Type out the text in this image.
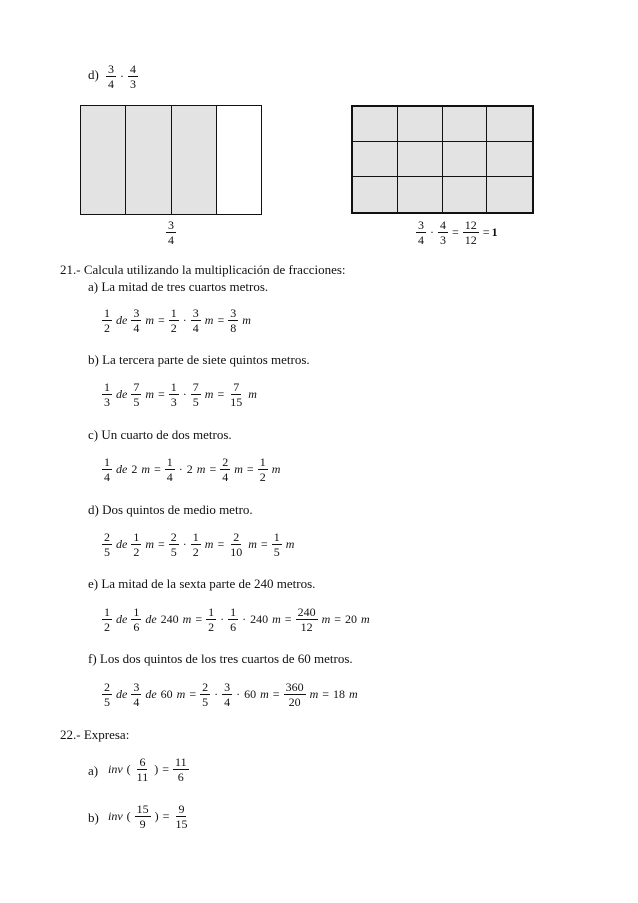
$d) \frac{3}{4} \cdot \frac{4}{3}$
$\frac{3}{4}$	$\frac{3}{4} \cdot \frac{4}{3} = \frac{12}{12} = 1$
21.- Calcula utilizando la multiplicación de fracciones:
a) La mitad de tres cuartos metros.
$\frac{1}{2}$ de $\frac{3}{4}$ $m = \frac{1}{2} \cdot \frac{3}{4}$ $m = \frac{3}{8}$ m
b) La tercera parte de siete quintos metros.
$\frac{1}{3}$ de $\frac{7}{5}$ $m = \frac{1}{3} \cdot \frac{7}{5}$ $m = \frac{7}{15}$ m
c) Un cuarto de dos metros.
$\frac{1}{4}$ de 2 $m = \frac{1}{4} \cdot 2$ $m = \frac{2}{4}$ $m = \frac{1}{2}$ m
d) Dos quintos de medio metro.
$\frac{2}{5}$ de $\frac{1}{2}$ $m = \frac{2}{5} \cdot \frac{1}{2}$ $m = \frac{2}{10}$ $m = \frac{1}{5}$ m
e) La mitad de la sexta parte de 240 metros.
$\frac{1}{2}$ de $\frac{1}{6}$ de 240 $m = \frac{1}{2} \cdot \frac{1}{6} \cdot 240$ $m = \frac{240}{12}$ m = 20 m
f) Los dos quintos de los tres cuartos de 60 metros.
$\frac{2}{5}$ de $\frac{3}{4}$ de 60 $m = \frac{2}{5} \cdot \frac{3}{4} \cdot 60$ $m = \frac{360}{20}$ m = 18 m
22.- Expresa:
a) inv ( $\frac{6}{11}$ ) = $\frac{11}{6}$
b) inv ( $\frac{15}{9}$ ) = $\frac{9}{15}$
